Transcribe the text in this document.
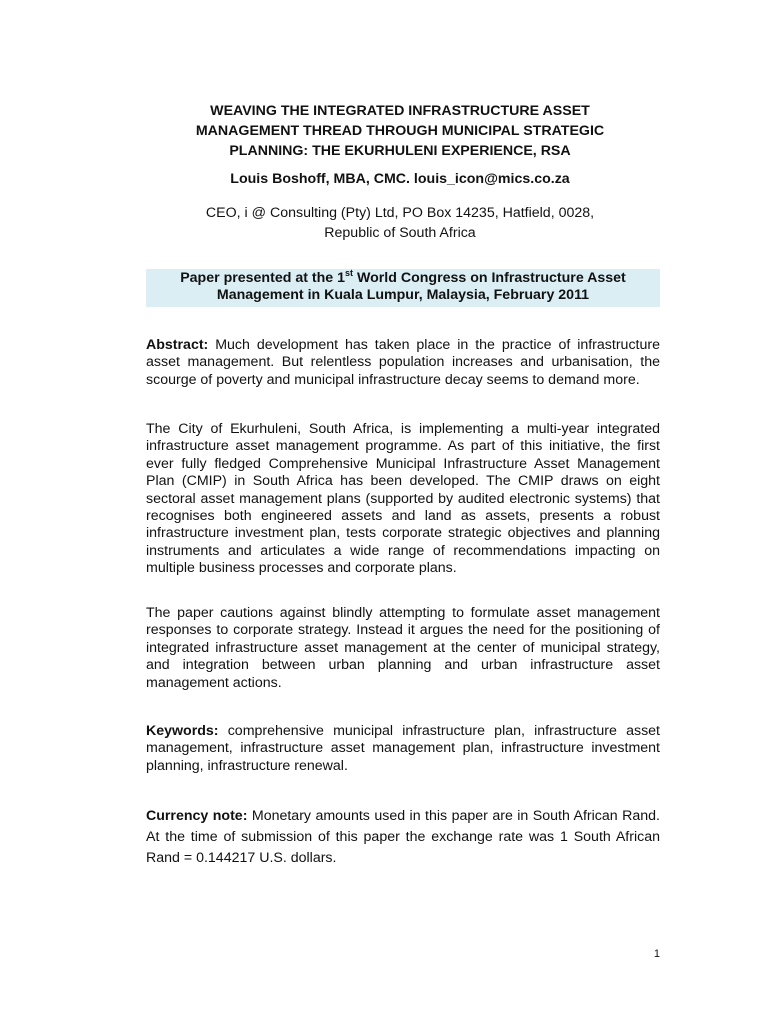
WEAVING THE INTEGRATED INFRASTRUCTURE ASSET
MANAGEMENT THREAD THROUGH MUNICIPAL STRATEGIC
PLANNING: THE EKURHULENI EXPERIENCE, RSA
Louis Boshoff, MBA, CMC. louis_icon@mics.co.za
CEO, i @ Consulting (Pty) Ltd, PO Box 14235, Hatfield, 0028,
Republic of South Africa
Paper presented at the 1st World Congress on Infrastructure Asset
Management in Kuala Lumpur, Malaysia, February 2011
Abstract: Much development has taken place in the practice of infrastructure asset management. But relentless population increases and urbanisation, the scourge of poverty and municipal infrastructure decay seems to demand more.
The City of Ekurhuleni, South Africa, is implementing a multi-year integrated infrastructure asset management programme. As part of this initiative, the first ever fully fledged Comprehensive Municipal Infrastructure Asset Management Plan (CMIP) in South Africa has been developed. The CMIP draws on eight sectoral asset management plans (supported by audited electronic systems) that recognises both engineered assets and land as assets, presents a robust infrastructure investment plan, tests corporate strategic objectives and planning instruments and articulates a wide range of recommendations impacting on multiple business processes and corporate plans.
The paper cautions against blindly attempting to formulate asset management responses to corporate strategy. Instead it argues the need for the positioning of integrated infrastructure asset management at the center of municipal strategy, and integration between urban planning and urban infrastructure asset management actions.
Keywords: comprehensive municipal infrastructure plan, infrastructure asset management, infrastructure asset management plan, infrastructure investment planning, infrastructure renewal.
Currency note: Monetary amounts used in this paper are in South African Rand. At the time of submission of this paper the exchange rate was 1 South African Rand = 0.144217 U.S. dollars.
1
